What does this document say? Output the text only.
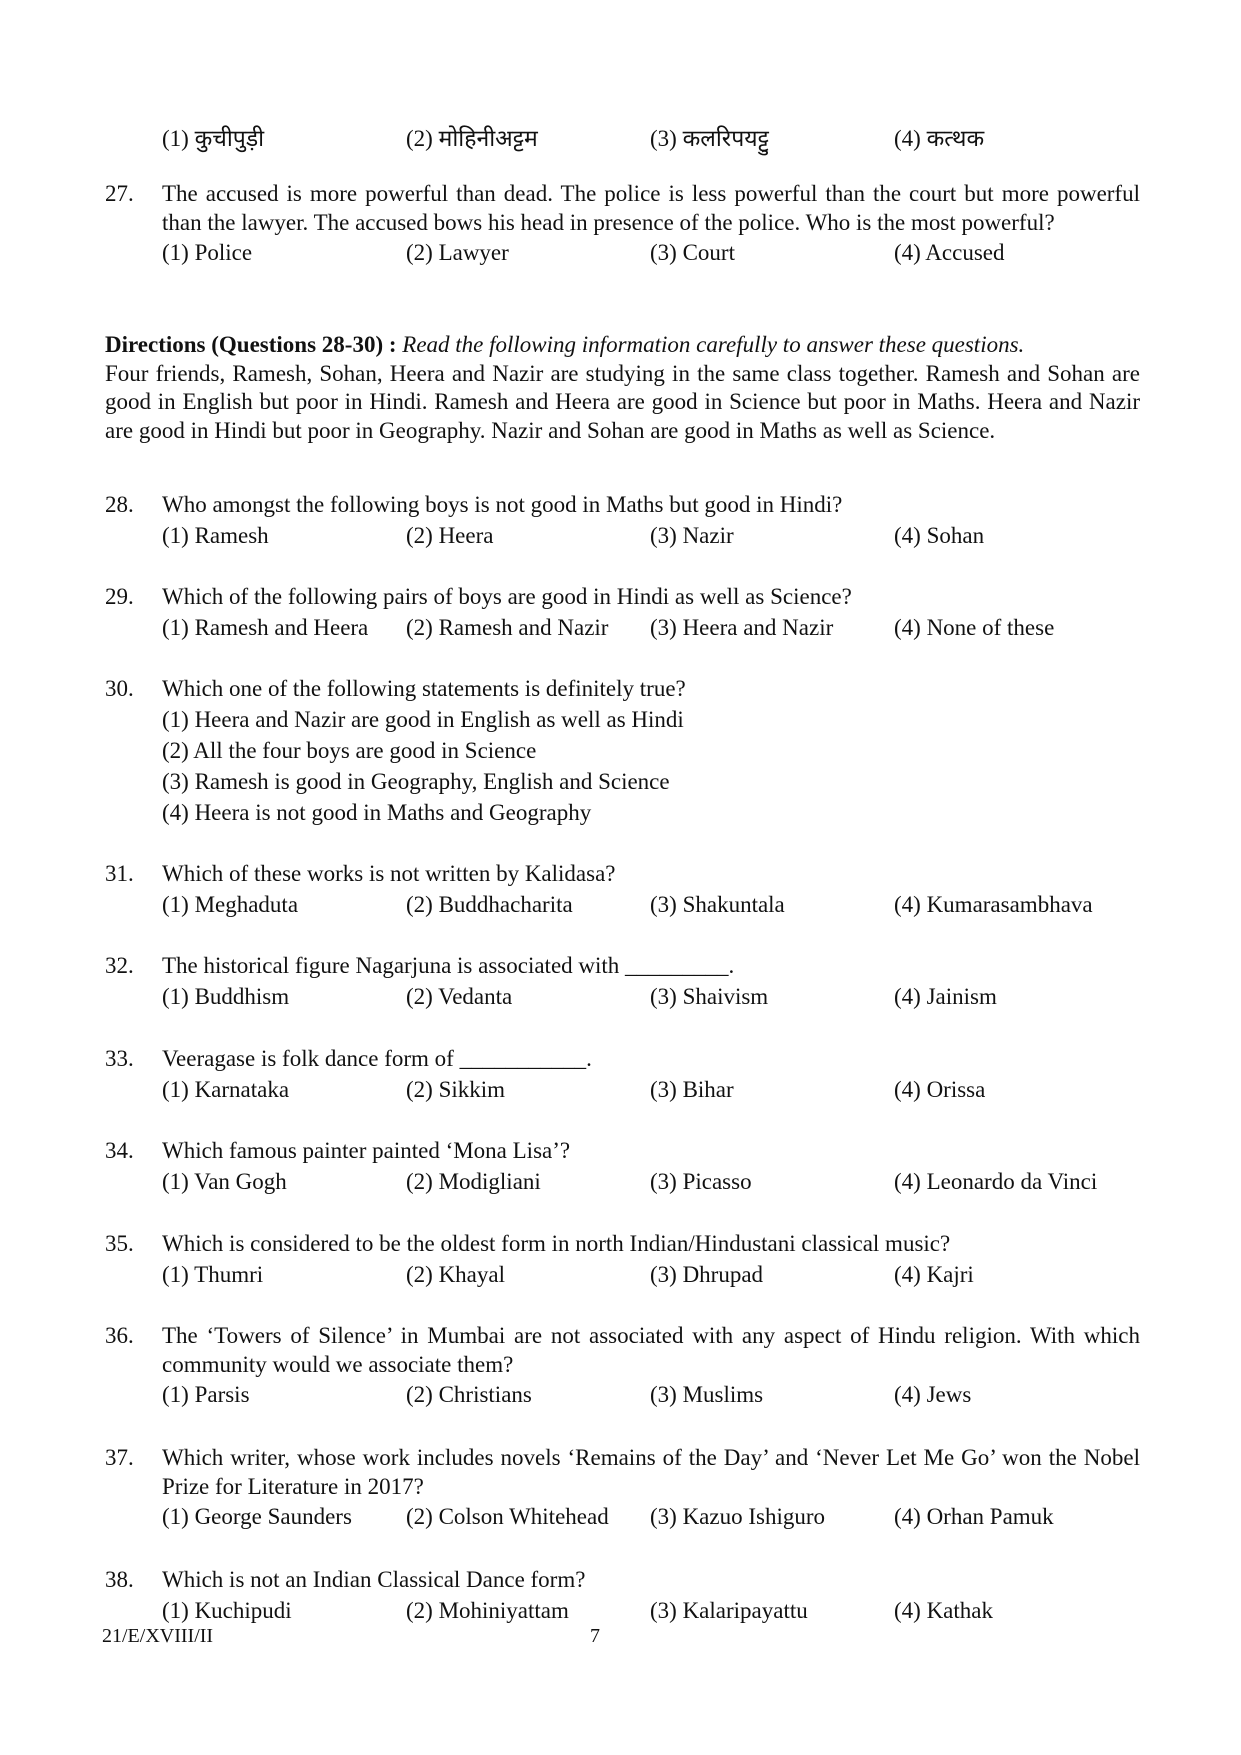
(1) कुचीपुड़ी	(2) मोहिनीअट्टम	(3) कलरिपयट्टु	(4) कत्थक
27. The accused is more powerful than dead. The police is less powerful than the court but more powerful than the lawyer. The accused bows his head in presence of the police. Who is the most powerful?
(1) Police	(2) Lawyer	(3) Court	(4) Accused
Directions (Questions 28-30) : Read the following information carefully to answer these questions.
Four friends, Ramesh, Sohan, Heera and Nazir are studying in the same class together. Ramesh and Sohan are good in English but poor in Hindi. Ramesh and Heera are good in Science but poor in Maths. Heera and Nazir are good in Hindi but poor in Geography. Nazir and Sohan are good in Maths as well as Science.
28. Who amongst the following boys is not good in Maths but good in Hindi?
(1) Ramesh	(2) Heera	(3) Nazir	(4) Sohan
29. Which of the following pairs of boys are good in Hindi as well as Science?
(1) Ramesh and Heera (2) Ramesh and Nazir (3) Heera and Nazir	(4) None of these
30. Which one of the following statements is definitely true?
(1) Heera and Nazir are good in English as well as Hindi
(2) All the four boys are good in Science
(3) Ramesh is good in Geography, English and Science
(4) Heera is not good in Maths and Geography
31. Which of these works is not written by Kalidasa?
(1) Meghaduta	(2) Buddhacharita	(3) Shakuntala	(4) Kumarasambhava
32. The historical figure Nagarjuna is associated with _________.
(1) Buddhism	(2) Vedanta	(3) Shaivism	(4) Jainism
33. Veeragase is folk dance form of ___________.
(1) Karnataka	(2) Sikkim	(3) Bihar	(4) Orissa
34. Which famous painter painted ‘Mona Lisa’?
(1) Van Gogh	(2) Modigliani	(3) Picasso	(4) Leonardo da Vinci
35. Which is considered to be the oldest form in north Indian/Hindustani classical music?
(1) Thumri	(2) Khayal	(3) Dhrupad	(4) Kajri
36. The ‘Towers of Silence’ in Mumbai are not associated with any aspect of Hindu religion. With which community would we associate them?
(1) Parsis	(2) Christians	(3) Muslims	(4) Jews
37. Which writer, whose work includes novels ‘Remains of the Day’ and ‘Never Let Me Go’ won the Nobel Prize for Literature in 2017?
(1) George Saunders (2) Colson Whitehead (3) Kazuo Ishiguro	(4) Orhan Pamuk
38. Which is not an Indian Classical Dance form?
(1) Kuchipudi	(2) Mohiniyattam	(3) Kalaripayattu	(4) Kathak
21/E/XVIII/II	7
